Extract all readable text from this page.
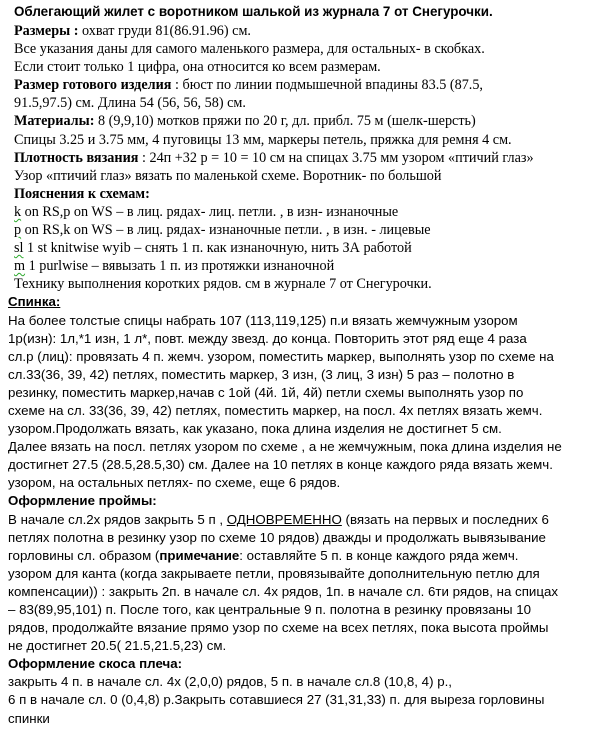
Облегающий жилет с воротником шалькой из журнала 7 от Снегурочки.
Размеры : охват груди 81(86.91.96) см.
Все указания даны для самого маленького размера, для остальных- в скобках.
Если стоит только 1 цифра, она относится ко всем размерам.
Размер готового изделия : бюст по линии подмышечной впадины 83.5 (87.5,
91.5,97.5) см. Длина 54 (56, 56, 58) см.
Материалы: 8 (9,9,10) мотков пряжи по 20 г, дл. прибл. 75 м (шелк-шерсть)
Спицы 3.25 и 3.75 мм, 4 пуговицы 13 мм, маркеры петель, пряжка для ремня 4 см.
Плотность вязания : 24п +32 р = 10 = 10 см на спицах 3.75 мм узором «птичий глаз»
Узор «птичий глаз» вязать по маленькой схеме. Воротник- по большой
Пояснения к схемам:
k on RS,p on WS – в лиц. рядах- лиц. петли. , в изн- изнаночные
p on RS,k on WS – в лиц. рядах- изнаночные петли. , в изн. - лицевые
sl 1 st knitwise wyib – снять 1 п. как изнаночную, нить ЗА работой
m 1 purlwise – вявызать 1 п. из протяжки изнаночной
Технику выполнения коротких рядов. см в журнале 7 от Снегурочки.
Спинка:
На более толстые спицы набрать 107 (113,119,125) п.и вязать жемчужным узором
1р(изн): 1л,*1 изн, 1 л*, повт. между звезд. до конца. Повторить этот ряд еще 4 раза
сл.р (лиц): провязать 4 п. жемч. узором, поместить маркер, выполнять узор по схеме на
сл.33(36, 39, 42) петлях, поместить маркер, 3 изн, (3 лиц, 3 изн) 5 раз – полотно в
резинку, поместить маркер,начав с 1ой (4й. 1й, 4й) петли схемы выполнять узор по
схеме на сл. 33(36, 39, 42) петлях, поместить маркер, на посл. 4х петлях вязать жемч.
узором.Продолжать вязать, как указано, пока длина изделия не достигнет 5 см.
Далее вязать на посл. петлях узором по схеме , а не жемчужным, пока длина изделия не
достигнет 27.5 (28.5,28.5,30) см. Далее на 10 петлях в конце каждого ряда вязать жемч.
узором, на остальных петлях- по схеме, еще 6 рядов.
Оформление проймы:
В начале сл.2х рядов закрыть 5 п , ОДНОВРЕМЕННО (вязать на первых и последних 6
петлях полотна в резинку узор по схеме 10 рядов) дважды и продолжать вывязывание
горловины сл. образом (примечание: оставляйте 5 п. в конце каждого ряда жемч.
узором для канта (когда закрываете петли, провязывайте дополнительную петлю для
компенсации)) : закрыть 2п. в начале сл. 4х рядов, 1п. в начале сл. 6ти рядов, на спицах
– 83(89,95,101) п. После того, как центральные 9 п. полотна в резинку провязаны 10
рядов, продолжайте вязание прямо узор по схеме на всех петлях, пока высота проймы
не достигнет 20.5( 21.5,21.5,23) см.
Оформление скоса плеча:
закрыть 4 п. в начале сл. 4х (2,0,0) рядов, 5 п. в начале сл.8 (10,8, 4) р.,
6 п в начале сл. 0 (0,4,8) р.Закрыть сотавшиеся 27 (31,31,33) п. для выреза горловины
спинки
